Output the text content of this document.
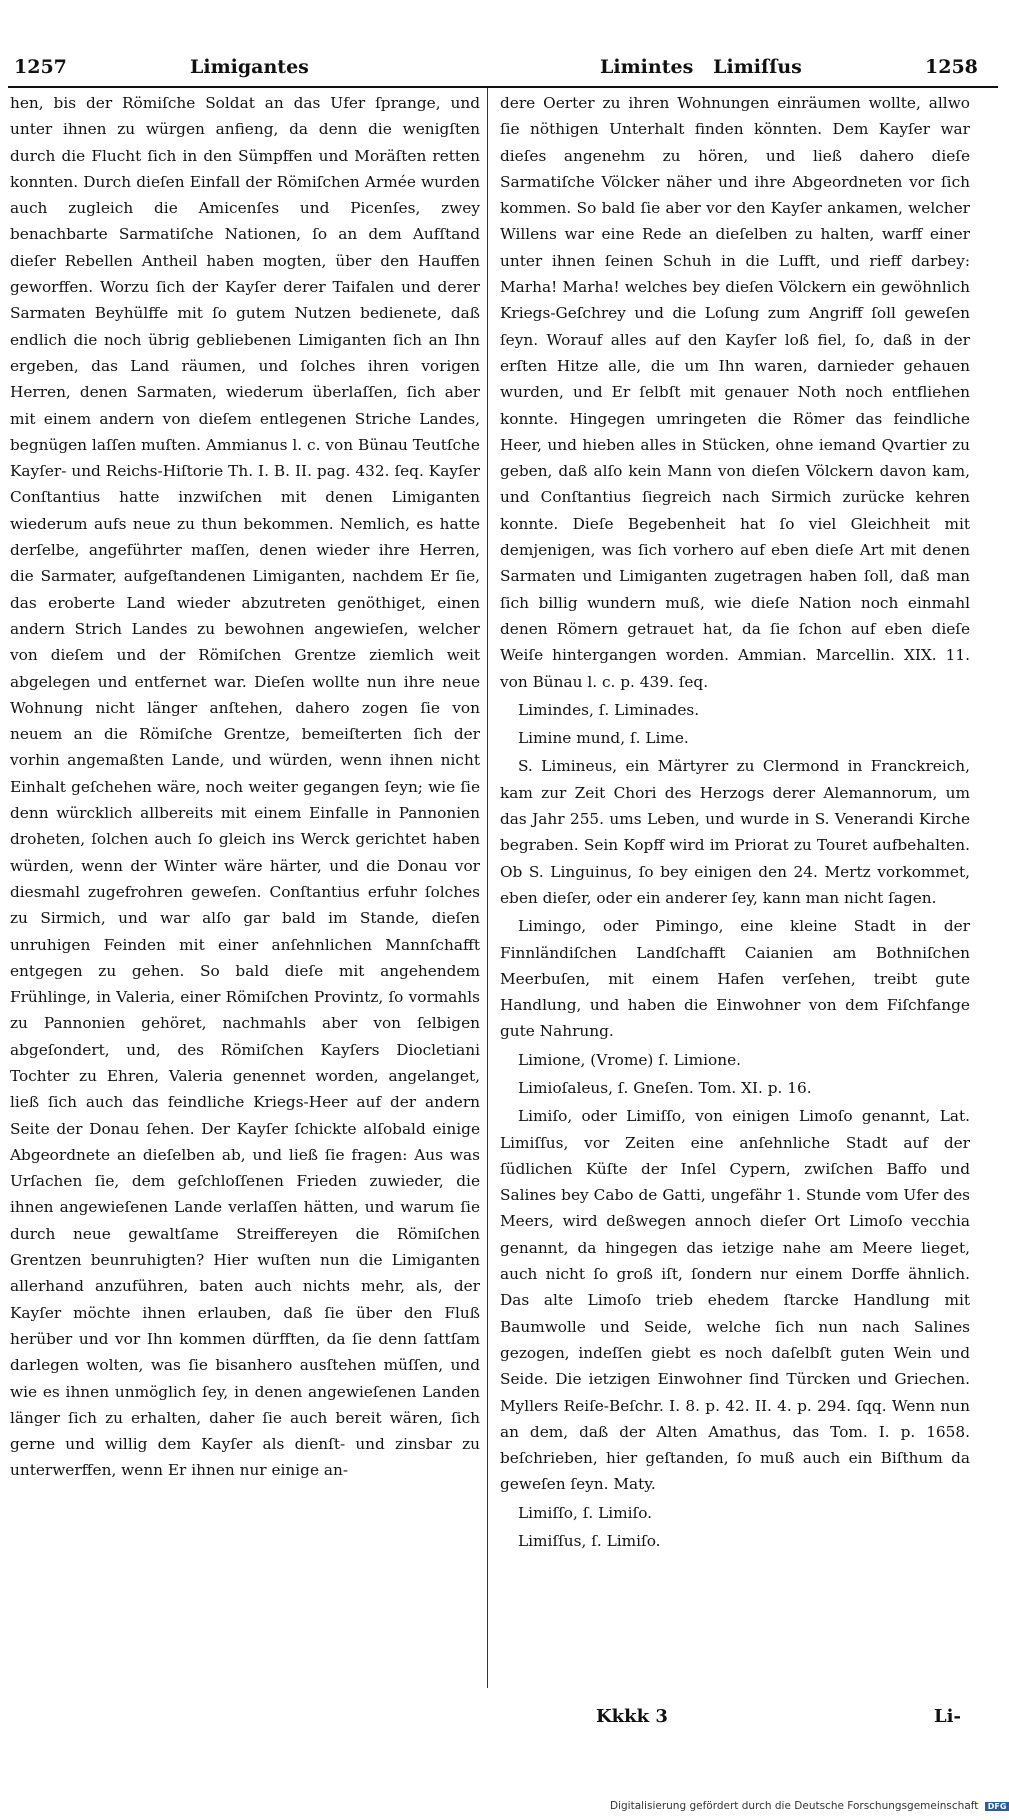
1257	Limigantes	Limintes   Limiſſus	1258

hen, bis der Römiſche Soldat an das Ufer ſprange, und unter ihnen zu würgen anfieng, da denn die wenigſten durch die Flucht ſich in den Sümpffen und Moräſten retten konnten. Durch dieſen Einfall der Römiſchen Armée wurden auch zugleich die Amicenſes und Picenſes, zwey benachbarte Sarmatiſche Nationen, ſo an dem Aufſtand dieſer Rebellen Antheil haben mogten, über den Hauffen geworffen. Worzu ſich der Kayſer derer Taifalen und derer Sarmaten Beyhülffe mit ſo gutem Nutzen bedienete, daß endlich die noch übrig gebliebenen Limiganten ſich an Ihn ergeben, das Land räumen, und ſolches ihren vorigen Herren, denen Sarmaten, wiederum überlaſſen, ſich aber mit einem andern von dieſem entlegenen Striche Landes, begnügen laſſen muſten. Ammianus l. c. von Bünau Teutſche Kayſer- und Reichs-Hiſtorie Th. I. B. II. pag. 432. ſeq. Kayſer Conſtantius hatte inzwiſchen mit denen Limiganten wiederum aufs neue zu thun bekommen. Nemlich, es hatte derſelbe, angeführter maſſen, denen wieder ihre Herren, die Sarmater, aufgeſtandenen Limiganten, nachdem Er ſie, das eroberte Land wieder abzutreten genöthiget, einen andern Strich Landes zu bewohnen angewieſen, welcher von dieſem und der Römiſchen Grentze ziemlich weit abgelegen und entfernet war. Dieſen wollte nun ihre neue Wohnung nicht länger anſtehen, dahero zogen ſie von neuem an die Römiſche Grentze, bemeiſterten ſich der vorhin angemaßten Lande, und würden, wenn ihnen nicht Einhalt geſchehen wäre, noch weiter gegangen ſeyn; wie ſie denn würcklich allbereits mit einem Einfalle in Pannonien droheten, ſolchen auch ſo gleich ins Werck gerichtet haben würden, wenn der Winter wäre härter, und die Donau vor diesmahl zugefrohren geweſen. Conſtantius erfuhr ſolches zu Sirmich, und war alſo gar bald im Stande, dieſen unruhigen Feinden mit einer anſehnlichen Mannſchafft entgegen zu gehen. So bald dieſe mit angehendem Frühlinge, in Valeria, einer Römiſchen Provintz, ſo vormahls zu Pannonien gehöret, nachmahls aber von ſelbigen abgeſondert, und, des Römiſchen Kayſers Diocletiani Tochter zu Ehren, Valeria genennet worden, angelanget, ließ ſich auch das feindliche Kriegs-Heer auf der andern Seite der Donau ſehen. Der Kayſer ſchickte alſobald einige Abgeordnete an dieſelben ab, und ließ ſie fragen: Aus was Urſachen ſie, dem geſchloſſenen Frieden zuwieder, die ihnen angewieſenen Lande verlaſſen hätten, und warum ſie durch neue gewaltſame Streiffereyen die Römiſchen Grentzen beunruhigten? Hier wuſten nun die Limiganten allerhand anzuführen, baten auch nichts mehr, als, der Kayſer möchte ihnen erlauben, daß ſie über den Fluß herüber und vor Ihn kommen dürfften, da ſie denn ſattſam darlegen wolten, was ſie bisanhero ausſtehen müſſen, und wie es ihnen unmöglich ſey, in denen angewieſenen Landen länger ſich zu erhalten, daher ſie auch bereit wären, ſich gerne und willig dem Kayſer als dienſt- und zinsbar zu unterwerffen, wenn Er ihnen nur einige an-

dere Oerter zu ihren Wohnungen einräumen wollte, allwo ſie nöthigen Unterhalt finden könnten. Dem Kayſer war dieſes angenehm zu hören, und ließ dahero dieſe Sarmatiſche Völcker näher und ihre Abgeordneten vor ſich kommen. So bald ſie aber vor den Kayſer ankamen, welcher Willens war eine Rede an dieſelben zu halten, warff einer unter ihnen ſeinen Schuh in die Lufft, und rieff darbey: Marha! Marha! welches bey dieſen Völckern ein gewöhnlich Kriegs-Geſchrey und die Loſung zum Angriff ſoll geweſen ſeyn. Worauf alles auf den Kayſer loß fiel, ſo, daß in der erſten Hitze alle, die um Ihn waren, darnieder gehauen wurden, und Er ſelbſt mit genauer Noth noch entfliehen konnte. Hingegen umringeten die Römer das feindliche Heer, und hieben alles in Stücken, ohne iemand Qvartier zu geben, daß alſo kein Mann von dieſen Völckern davon kam, und Conſtantius ſiegreich nach Sirmich zurücke kehren konnte. Dieſe Begebenheit hat ſo viel Gleichheit mit demjenigen, was ſich vorhero auf eben dieſe Art mit denen Sarmaten und Limiganten zugetragen haben ſoll, daß man ſich billig wundern muß, wie dieſe Nation noch einmahl denen Römern getrauet hat, da ſie ſchon auf eben dieſe Weiſe hintergangen worden. Ammian. Marcellin. XIX. 11. von Bünau l. c. p. 439. ſeq.

Limindes, ſ. Liminades.

Limine mund, ſ. Lime.

S. Limineus, ein Märtyrer zu Clermond in Franckreich, kam zur Zeit Chori des Herzogs derer Alemannorum, um das Jahr 255. ums Leben, und wurde in S. Venerandi Kirche begraben. Sein Kopff wird im Priorat zu Touret aufbehalten. Ob S. Linguinus, ſo bey einigen den 24. Mertz vorkommet, eben dieſer, oder ein anderer ſey, kann man nicht ſagen.

Limingo, oder Pimingo, eine kleine Stadt in der Finnländiſchen Landſchafft Caianien am Bothniſchen Meerbuſen, mit einem Hafen verſehen, treibt gute Handlung, und haben die Einwohner von dem Fiſchfange gute Nahrung.

Limione, (Vrome) ſ. Limione.

Limioſaleus, ſ. Gneſen. Tom. XI. p. 16.

Limiſo, oder Limiſſo, von einigen Limoſo genannt, Lat. Limiſſus, vor Zeiten eine anſehnliche Stadt auf der ſüdlichen Küſte der Inſel Cypern, zwiſchen Baffo und Salines bey Cabo de Gatti, ungefähr 1. Stunde vom Ufer des Meers, wird deßwegen annoch dieſer Ort Limoſo vecchia genannt, da hingegen das ietzige nahe am Meere lieget, auch nicht ſo groß iſt, ſondern nur einem Dorffe ähnlich. Das alte Limoſo trieb ehedem ſtarcke Handlung mit Baumwolle und Seide, welche ſich nun nach Salines gezogen, indeſſen giebt es noch daſelbſt guten Wein und Seide. Die ietzigen Einwohner ſind Türcken und Griechen. Myllers Reiſe-Beſchr. I. 8. p. 42. II. 4. p. 294. ſqq. Wenn nun an dem, daß der Alten Amathus, das Tom. I. p. 1658. beſchrieben, hier geſtanden, ſo muß auch ein Biſthum da geweſen ſeyn. Maty.

Limiſſo, ſ. Limiſo.

Limiſſus, ſ. Limiſo.

Kkkk 3	Li-
Digitalisierung gefördert durch die Deutsche Forschungsgemeinschaft DFG
